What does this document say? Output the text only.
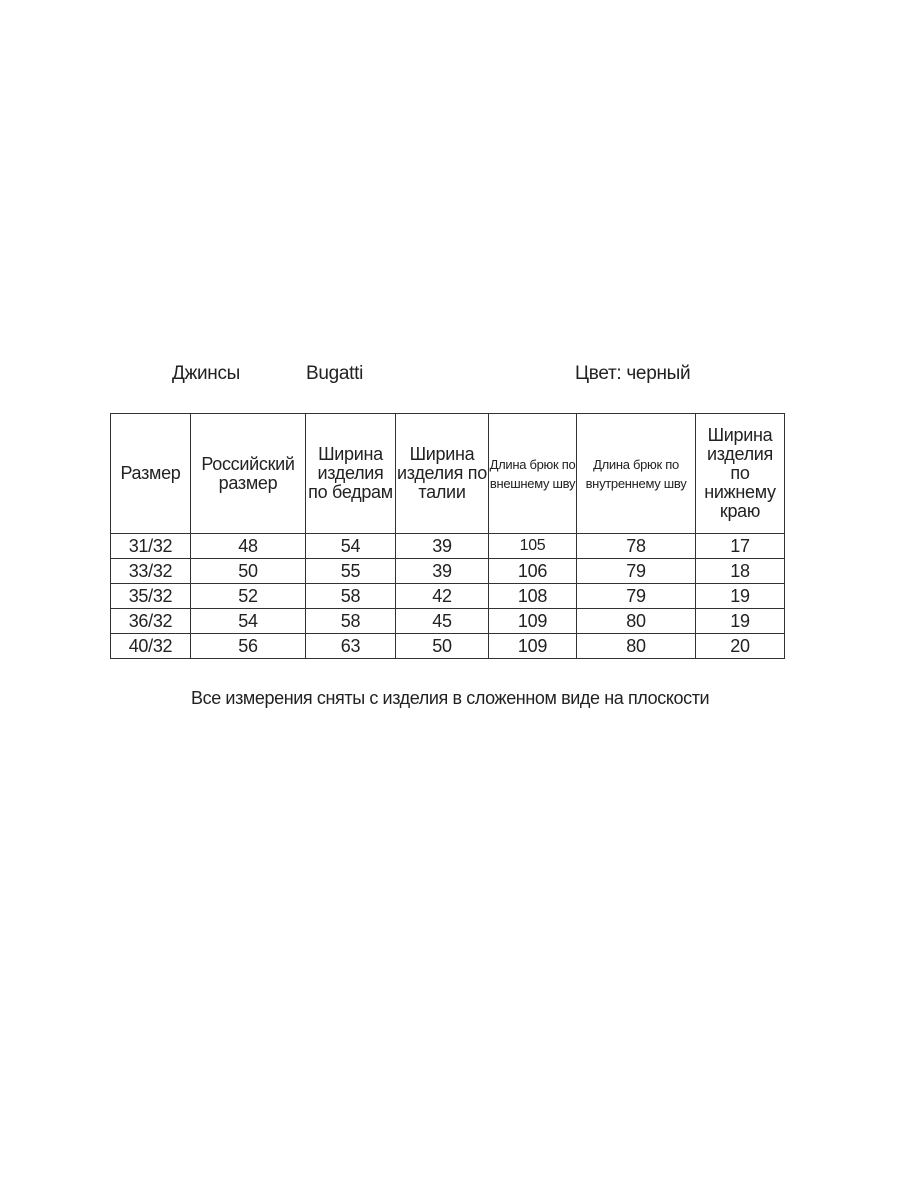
Джинсы	Bugatti	Цвет: черный
Размер	Российский размер	Ширина изделия по бедрам	Ширина изделия по талии	Длина брюк по внешнему шву	Длина брюк по внутреннему шву	Ширина изделия по нижнему краю
31/32	48	54	39	105	78	17
33/32	50	55	39	106	79	18
35/32	52	58	42	108	79	19
36/32	54	58	45	109	80	19
40/32	56	63	50	109	80	20
Все измерения сняты с изделия в сложенном виде на плоскости
